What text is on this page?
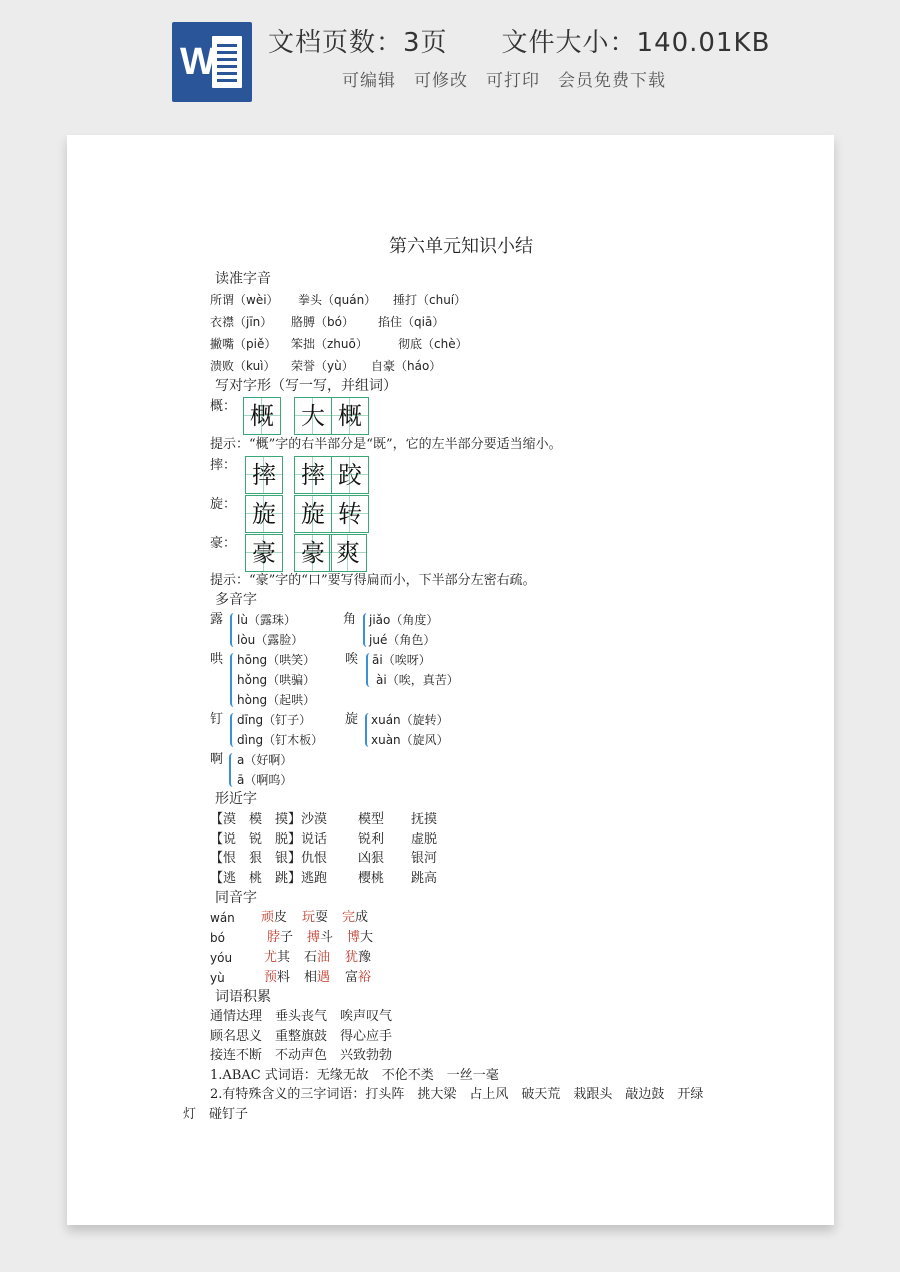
W 文档页数：3页　　文件大小：140.01KB
可编辑　可修改　可打印　会员免费下载
第六单元知识小结
读准字音
所谓（wèi） 拳头（quán） 捶打（chuí）
衣襟（jīn） 胳膊（bó） 掐住（qiā）
撇嘴（piě） 笨拙（zhuō）	彻底（chè）
溃败（kuì） 荣誉（yù） 自豪（háo）
写对字形（写一写，并组词）
概： 概 大 概
提示：“概”字的右半部分是“既”，它的左半部分要适当缩小。
摔： 摔 摔 跤
旋： 旋 旋 转
豪： 豪 豪 爽
提示：“豪”字的“口”要写得扁而小，下半部分左密右疏。
多音字
露 lù（露珠）
lòu（露脸）
角 jiǎo（角度）
jué（角色）
哄 hōng（哄笑）
hǒng（哄骗）
hòng（起哄）
唉 āi（唉呀）
ài（唉，真苦）
钉 dīng（钉子）
dìng（钉木板）
旋 xuán（旋转）
xuàn（旋风）
啊 a（好啊）
ā（啊呜）
形近字
【漠　模　摸】沙漠 模型 抚摸
【说　锐　脱】说话 锐利 虚脱
【恨　狠　银】仇恨 凶狠 银河
【逃　桃　跳】逃跑 樱桃 跳高
同音字
wán 顽皮 玩耍 完成
bó	脖子 搏斗 博大
yóu 尤其 石油 犹豫
yù	预料 相遇 富裕
词语积累
通情达理　垂头丧气　唉声叹气
顾名思义　重整旗鼓　得心应手
接连不断　不动声色　兴致勃勃
1.ABAC 式词语：无缘无故　不伦不类　一丝一毫
2.有特殊含义的三字词语：打头阵　挑大梁　占上风　破天荒　栽跟头　敲边鼓　开绿
灯　碰钉子
